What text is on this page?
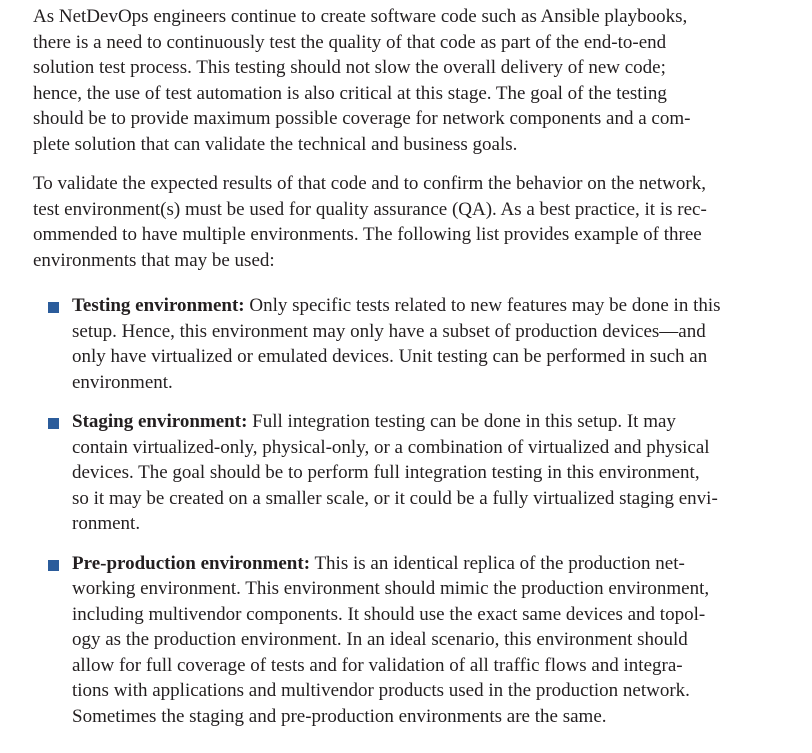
As NetDevOps engineers continue to create software code such as Ansible playbooks,
there is a need to continuously test the quality of that code as part of the end-to-end
solution test process. This testing should not slow the overall delivery of new code;
hence, the use of test automation is also critical at this stage. The goal of the testing
should be to provide maximum possible coverage for network components and a com-
plete solution that can validate the technical and business goals.

To validate the expected results of that code and to confirm the behavior on the network,
test environment(s) must be used for quality assurance (QA). As a best practice, it is rec-
ommended to have multiple environments. The following list provides example of three
environments that may be used:

Testing environment: Only specific tests related to new features may be done in this
setup. Hence, this environment may only have a subset of production devices—and
only have virtualized or emulated devices. Unit testing can be performed in such an
environment.
Staging environment: Full integration testing can be done in this setup. It may
contain virtualized-only, physical-only, or a combination of virtualized and physical
devices. The goal should be to perform full integration testing in this environment,
so it may be created on a smaller scale, or it could be a fully virtualized staging envi-
ronment.
Pre-production environment: This is an identical replica of the production net-
working environment. This environment should mimic the production environment,
including multivendor components. It should use the exact same devices and topol-
ogy as the production environment. In an ideal scenario, this environment should
allow for full coverage of tests and for validation of all traffic flows and integra-
tions with applications and multivendor products used in the production network.
Sometimes the staging and pre-production environments are the same.
